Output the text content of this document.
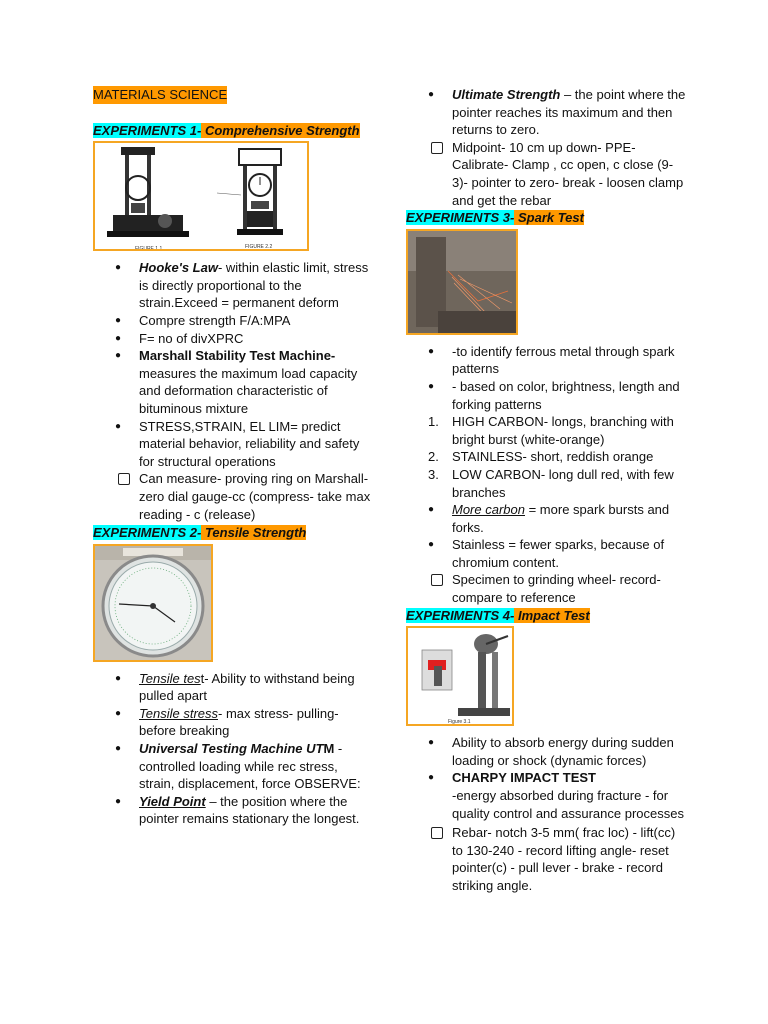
MATERIALS SCIENCE
EXPERIMENTS 1- Comprehensive Strength
FIGURE 1.1	FIGURE 2.2
● Hooke's Law- within elastic limit, stress is directly proportional to the strain.Exceed = permanent deform
● Compre strength F/A:MPA
● F= no of divXPRC
● Marshall Stability Test Machine- measures the maximum load capacity and deformation characteristic of bituminous mixture
● STRESS,STRAIN, EL LIM= predict material behavior, reliability and safety for structural operations
Can measure- proving ring on Marshall- zero dial gauge-cc (compress- take max reading - c (release)
EXPERIMENTS 2- Tensile Strength
● Tensile test- Ability to withstand being pulled apart
● Tensile stress- max stress- pulling- before breaking
● Universal Testing Machine UTM -controlled loading while rec stress, strain, displacement, force OBSERVE:
● Yield Point – the position where the pointer remains stationary the longest.
● Ultimate Strength – the point where the pointer reaches its maximum and then returns to zero.
Midpoint- 10 cm up down- PPE- Calibrate- Clamp , cc open, c close (9-3)- pointer to zero- break - loosen clamp and get the rebar
EXPERIMENTS 3- Spark Test
● -to identify ferrous metal through spark patterns
● - based on color, brightness, length and forking patterns
1. HIGH CARBON- longs, branching with bright burst (white-orange)
2. STAINLESS- short, reddish orange
3. LOW CARBON- long dull red, with few branches
● More carbon = more spark bursts and forks.
● Stainless = fewer sparks, because of chromium content.
Specimen to grinding wheel- record- compare to reference
EXPERIMENTS 4- Impact Test
Figure 3.1
● Ability to absorb energy during sudden loading or shock (dynamic forces)
● CHARPY IMPACT TEST
-energy absorbed during fracture - for quality control and assurance processes
Rebar- notch 3-5 mm( frac loc) - lift(cc) to 130-240 - record lifting angle- reset pointer(c) - pull lever - brake - record striking angle.
